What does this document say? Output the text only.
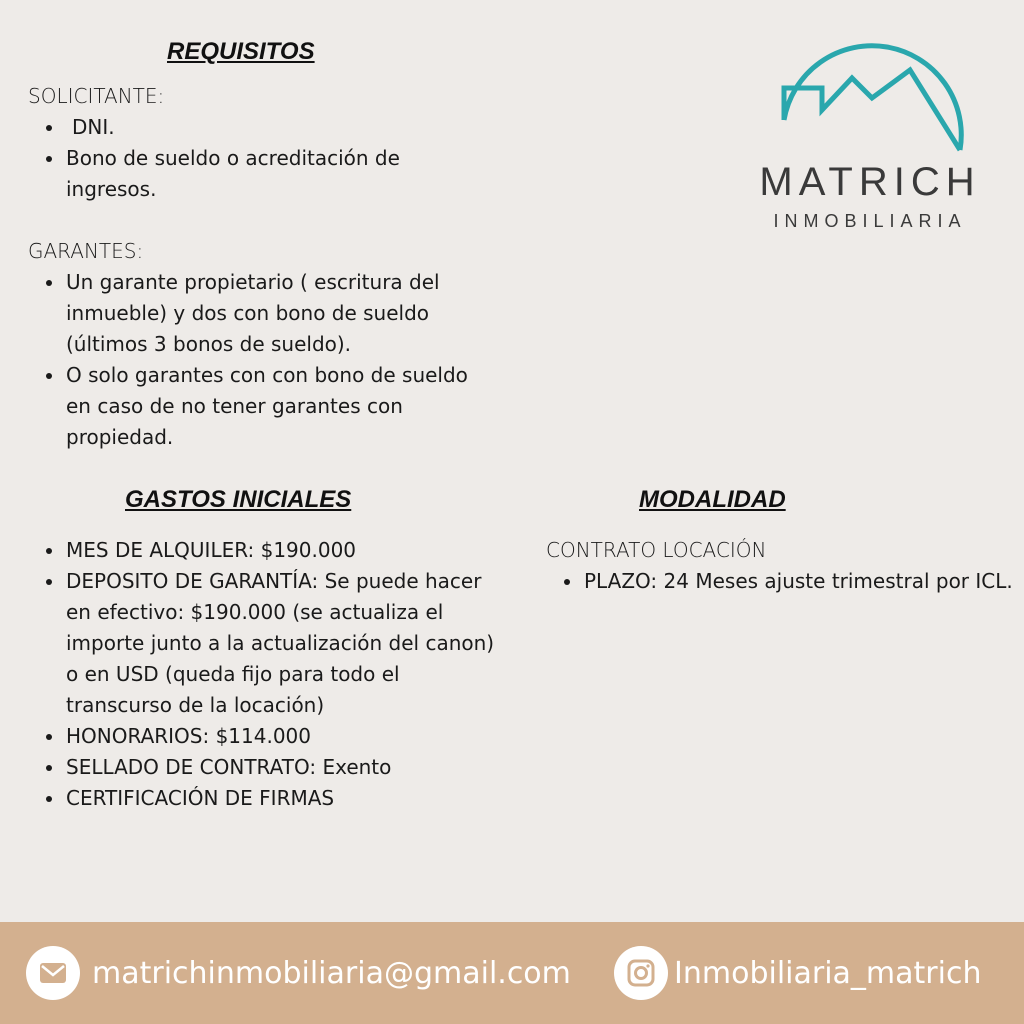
REQUISITOS

SOLICITANTE:

DNI.
Bono de sueldo o acreditación de ingresos.

GARANTES:

Un garante propietario ( escritura del inmueble) y dos con bono de sueldo (últimos 3 bonos de sueldo).
O solo garantes con con bono de sueldo en caso de no tener garantes con propiedad.
MATRICH
INMOBILIARIA
GASTOS INICIALES
MES DE ALQUILER: $190.000
DEPOSITO DE GARANTÍA: Se puede hacer en efectivo: $190.000 (se actualiza el importe junto a la actualización del canon) o en USD (queda fijo para todo el transcurso de la locación)
HONORARIOS: $114.000
SELLADO DE CONTRATO: Exento
CERTIFICACIÓN DE FIRMAS
MODALIDAD

CONTRATO LOCACIÓN

PLAZO: 24 Meses ajuste trimestral por ICL.
matrichinmobiliaria@gmail.com	Inmobiliaria_matrich
